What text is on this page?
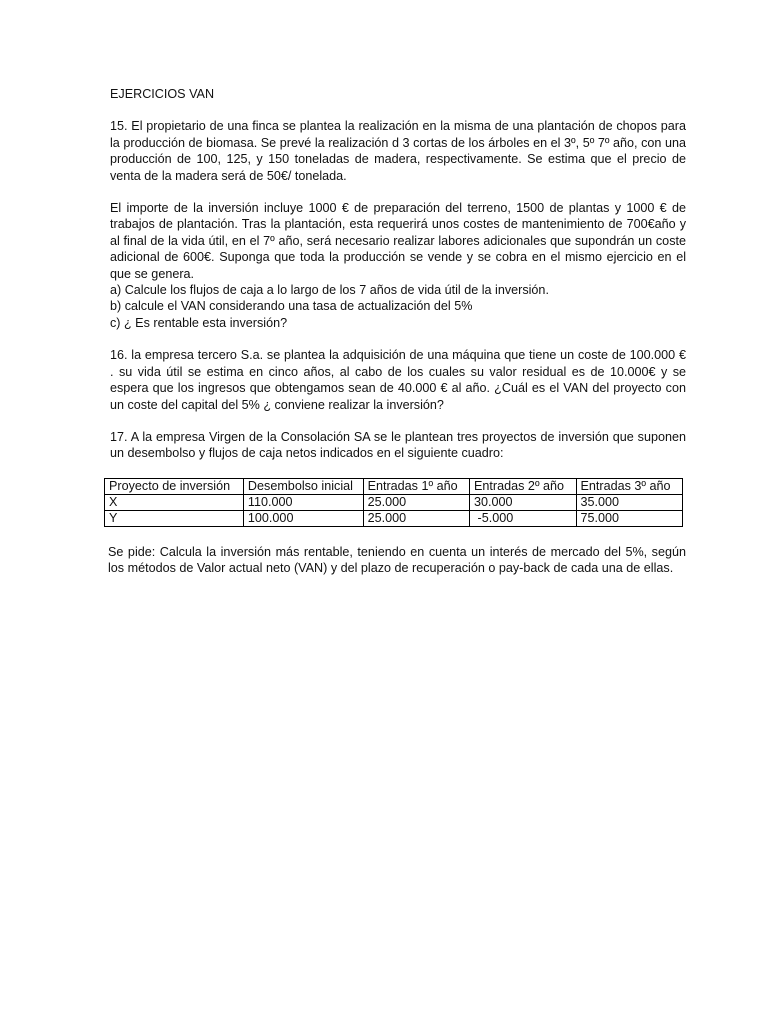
EJERCICIOS VAN

15. El propietario de una finca se plantea la realización en la misma de una plantación de chopos para la producción de biomasa. Se prevé la realización d 3 cortas de los árboles en el 3º, 5º 7º año, con una producción de 100, 125, y 150 toneladas de madera, respectivamente. Se estima que el precio de venta de la madera será de 50€/ tonelada.

El importe de la inversión incluye 1000 € de preparación del terreno, 1500 de plantas y 1000 € de trabajos de plantación. Tras la plantación, esta requerirá unos costes de mantenimiento de 700€año y al final de la vida útil, en el 7º año, será necesario realizar labores adicionales que supondrán un coste adicional de 600€. Suponga que toda la producción se vende y se cobra en el mismo ejercicio en el que se genera.

a) Calcule los flujos de caja a lo largo de los 7 años de vida útil de la inversión.
b) calcule el VAN considerando una tasa de actualización del 5%
c) ¿ Es rentable esta inversión?

16. la empresa tercero S.a. se plantea la adquisición de una máquina que tiene un coste de 100.000 € . su vida útil se estima en cinco años, al cabo de los cuales su valor residual es de 10.000€ y se espera que los ingresos que obtengamos sean de 40.000 € al año. ¿Cuál es el VAN del proyecto con un coste del capital del 5% ¿ conviene realizar la inversión?

17. A la empresa Virgen de la Consolación SA se le plantean tres proyectos de inversión que suponen un desembolso y flujos de caja netos indicados en el siguiente cuadro:

Proyecto de inversión	Desembolso inicial	Entradas 1º año	Entradas 2º año	Entradas 3º año
X	110.000	25.000	30.000	35.000
Y	100.000	25.000	-5.000	75.000

Se pide: Calcula la inversión más rentable, teniendo en cuenta un interés de mercado del 5%, según los métodos de Valor actual neto (VAN) y del plazo de recuperación o pay-back de cada una de ellas.
